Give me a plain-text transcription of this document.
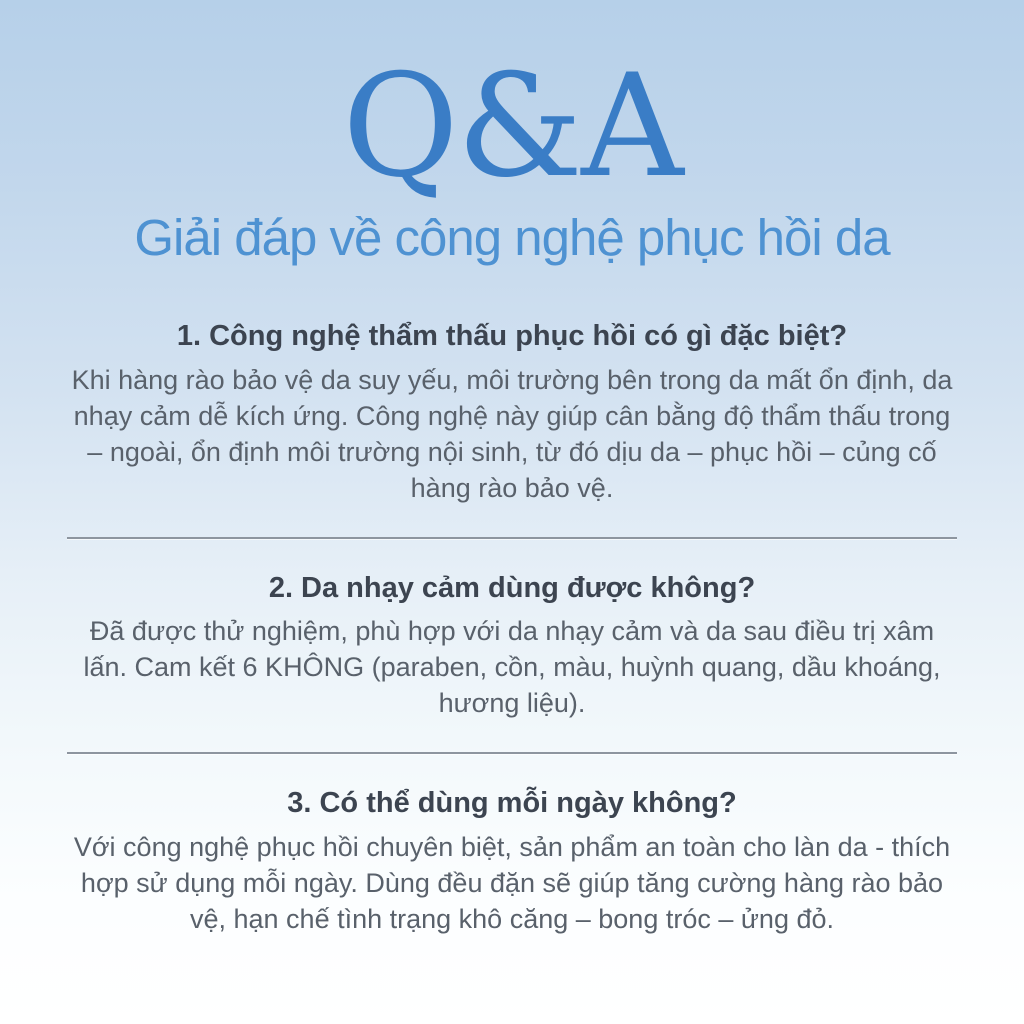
Q&A
Giải đáp về công nghệ phục hồi da
1. Công nghệ thẩm thấu phục hồi có gì đặc biệt?

Khi hàng rào bảo vệ da suy yếu, môi trường bên trong da mất ổn định, da nhạy cảm dễ kích ứng. Công nghệ này giúp cân bằng độ thẩm thấu trong – ngoài, ổn định môi trường nội sinh, từ đó dịu da – phục hồi – củng cố hàng rào bảo vệ.

2. Da nhạy cảm dùng được không?

Đã được thử nghiệm, phù hợp với da nhạy cảm và da sau điều trị xâm lấn. Cam kết 6 KHÔNG (paraben, cồn, màu, huỳnh quang, dầu khoáng, hương liệu).

3. Có thể dùng mỗi ngày không?

Với công nghệ phục hồi chuyên biệt, sản phẩm an toàn cho làn da - thích hợp sử dụng mỗi ngày. Dùng đều đặn sẽ giúp tăng cường hàng rào bảo vệ, hạn chế tình trạng khô căng – bong tróc – ửng đỏ.
